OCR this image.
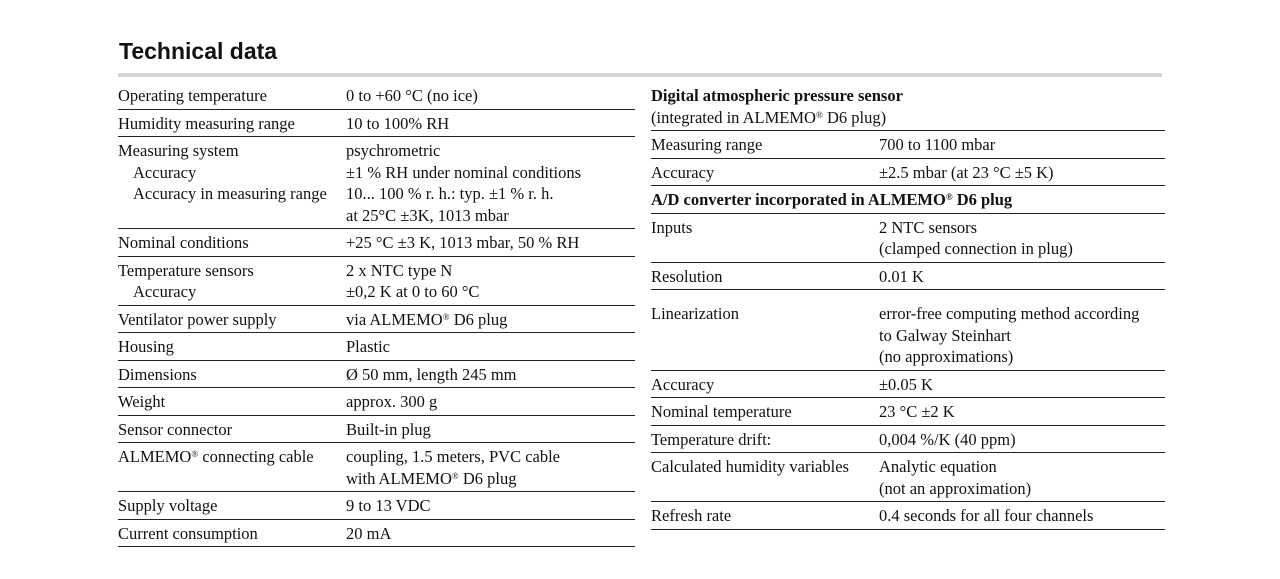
Technical data
Operating temperature	0 to +60 °C (no ice)
Humidity measuring range	10 to 100% RH
Measuring system	psychrometric
Accuracy	±1 % RH under nominal conditions
Accuracy in measuring range	10... 100 % r. h.: typ. ±1 % r. h.
at 25°C ±3K, 1013 mbar
Nominal conditions	+25 °C ±3 K, 1013 mbar, 50 % RH
Temperature sensors	2 x NTC type N
Accuracy	±0,2 K at 0 to 60 °C
Ventilator power supply	via ALMEMO® D6 plug
Housing	Plastic
Dimensions	Ø 50 mm, length 245 mm
Weight	approx. 300 g
Sensor connector	Built-in plug
ALMEMO® connecting cable	coupling, 1.5 meters, PVC cable
with ALMEMO® D6 plug
Supply voltage	9 to 13 VDC
Current consumption	20 mA
Digital atmospheric pressure sensor
(integrated in ALMEMO® D6 plug)
Measuring range	700 to 1100 mbar
Accuracy	±2.5 mbar (at 23 °C ±5 K)
A/D converter incorporated in ALMEMO® D6 plug
Inputs	2 NTC sensors
(clamped connection in plug)
Resolution	0.01 K
Linearization	error-free computing method according
to Galway Steinhart
(no approximations)
Accuracy	±0.05 K
Nominal temperature	23 °C ±2 K
Temperature drift:	0,004 %/K (40 ppm)
Calculated humidity variables	Analytic equation
(not an approximation)
Refresh rate	0.4 seconds for all four channels
